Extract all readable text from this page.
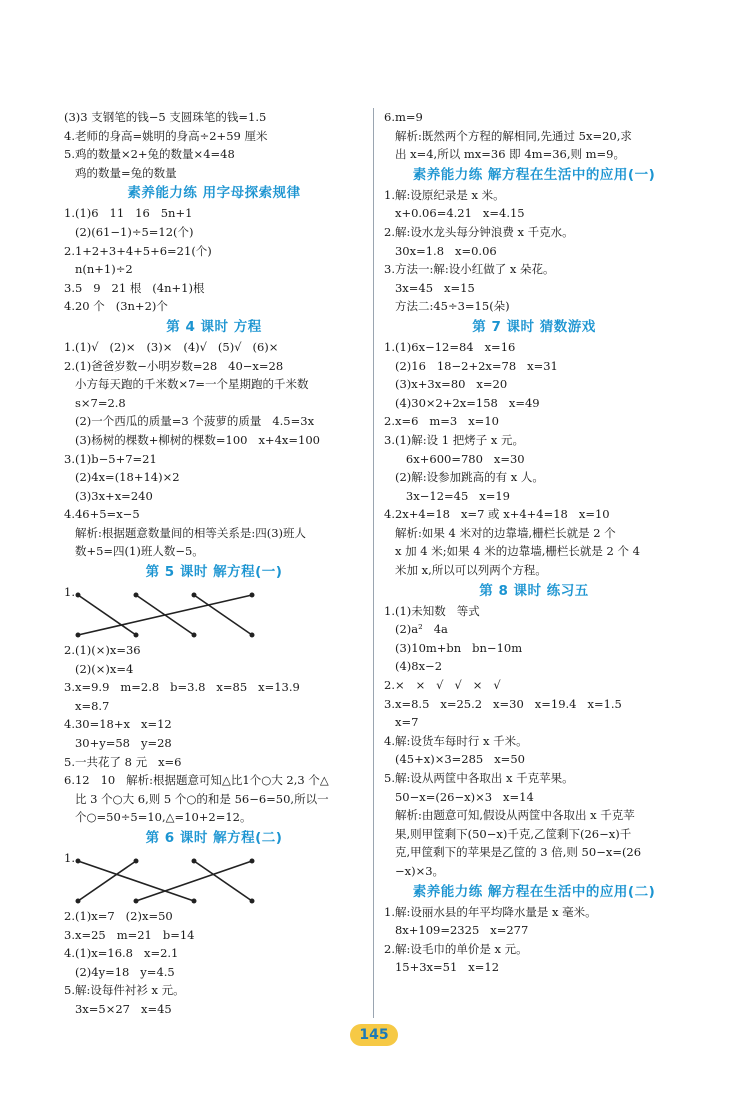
(3)3 支钢笔的钱−5 支圆珠笔的钱=1.5
4.老师的身高=姚明的身高÷2+59 厘米
5.鸡的数量×2+兔的数量×4=48
鸡的数量=兔的数量
素养能力练 用字母探索规律
1.(1)6   11   16   5n+1
(2)(61−1)÷5=12(个)
2.1+2+3+4+5+6=21(个)
n(n+1)÷2
3.5   9   21 根   (4n+1)根
4.20 个   (3n+2)个
第 4 课时 方程
1.(1)√   (2)×   (3)×   (4)√   (5)√   (6)×
2.(1)爸爸岁数−小明岁数=28   40−x=28
小方每天跑的千米数×7=一个星期跑的千米数
s×7=2.8
(2)一个西瓜的质量=3 个菠萝的质量   4.5=3x
(3)杨树的棵数+柳树的棵数=100   x+4x=100
3.(1)b−5+7=21
(2)4x=(18+14)×2
(3)3x+x=240
4.46+5=x−5
解析:根据题意数量间的相等关系是:四(3)班人
数+5=四(1)班人数−5。
第 5 课时 解方程(一)
1.
2.(1)(×)x=36
(2)(×)x=4
3.x=9.9   m=2.8   b=3.8   x=85   x=13.9
x=8.7
4.30=18+x   x=12
30+y=58   y=28
5.一共花了 8 元   x=6
6.12   10   解析:根据题意可知△比1个○大 2,3 个△
比 3 个○大 6,则 5 个○的和是 56−6=50,所以一
个○=50÷5=10,△=10+2=12。
第 6 课时 解方程(二)
1.
2.(1)x=7   (2)x=50
3.x=25   m=21   b=14
4.(1)x=16.8   x=2.1
(2)4y=18   y=4.5
5.解:设每件衬衫 x 元。
3x=5×27   x=45
6.m=9
解析:既然两个方程的解相同,先通过 5x=20,求
出 x=4,所以 mx=36 即 4m=36,则 m=9。
素养能力练 解方程在生活中的应用(一)
1.解:设原纪录是 x 米。
x+0.06=4.21   x=4.15
2.解:设水龙头每分钟浪费 x 千克水。
30x=1.8   x=0.06
3.方法一:解:设小红做了 x 朵花。
3x=45   x=15
方法二:45÷3=15(朵)
第 7 课时 猜数游戏
1.(1)6x−12=84   x=16
(2)16   18−2+2x=78   x=31
(3)x+3x=80   x=20
(4)30×2+2x=158   x=49
2.x=6   m=3   x=10
3.(1)解:设 1 把烤子 x 元。
6x+600=780   x=30
(2)解:设参加跳高的有 x 人。
3x−12=45   x=19
4.2x+4=18   x=7 或 x+4+4=18   x=10
解析:如果 4 米对的边靠墙,栅栏长就是 2 个
x 加 4 米;如果 4 米的边靠墙,栅栏长就是 2 个 4
米加 x,所以可以列两个方程。
第 8 课时 练习五
1.(1)未知数   等式
(2)a²   4a
(3)10m+bn   bn−10m
(4)8x−2
2.×   ×   √   √   ×   √
3.x=8.5   x=25.2   x=30   x=19.4   x=1.5
x=7
4.解:设货车每时行 x 千米。
(45+x)×3=285   x=50
5.解:设从两筐中各取出 x 千克苹果。
50−x=(26−x)×3   x=14
解析:由题意可知,假设从两筐中各取出 x 千克苹
果,则甲筐剩下(50−x)千克,乙筐剩下(26−x)千
克,甲筐剩下的苹果是乙筐的 3 倍,则 50−x=(26
−x)×3。
素养能力练 解方程在生活中的应用(二)
1.解:设丽水县的年平均降水量是 x 毫米。
8x+109=2325   x=277
2.解:设毛巾的单价是 x 元。
15+3x=51   x=12
145
